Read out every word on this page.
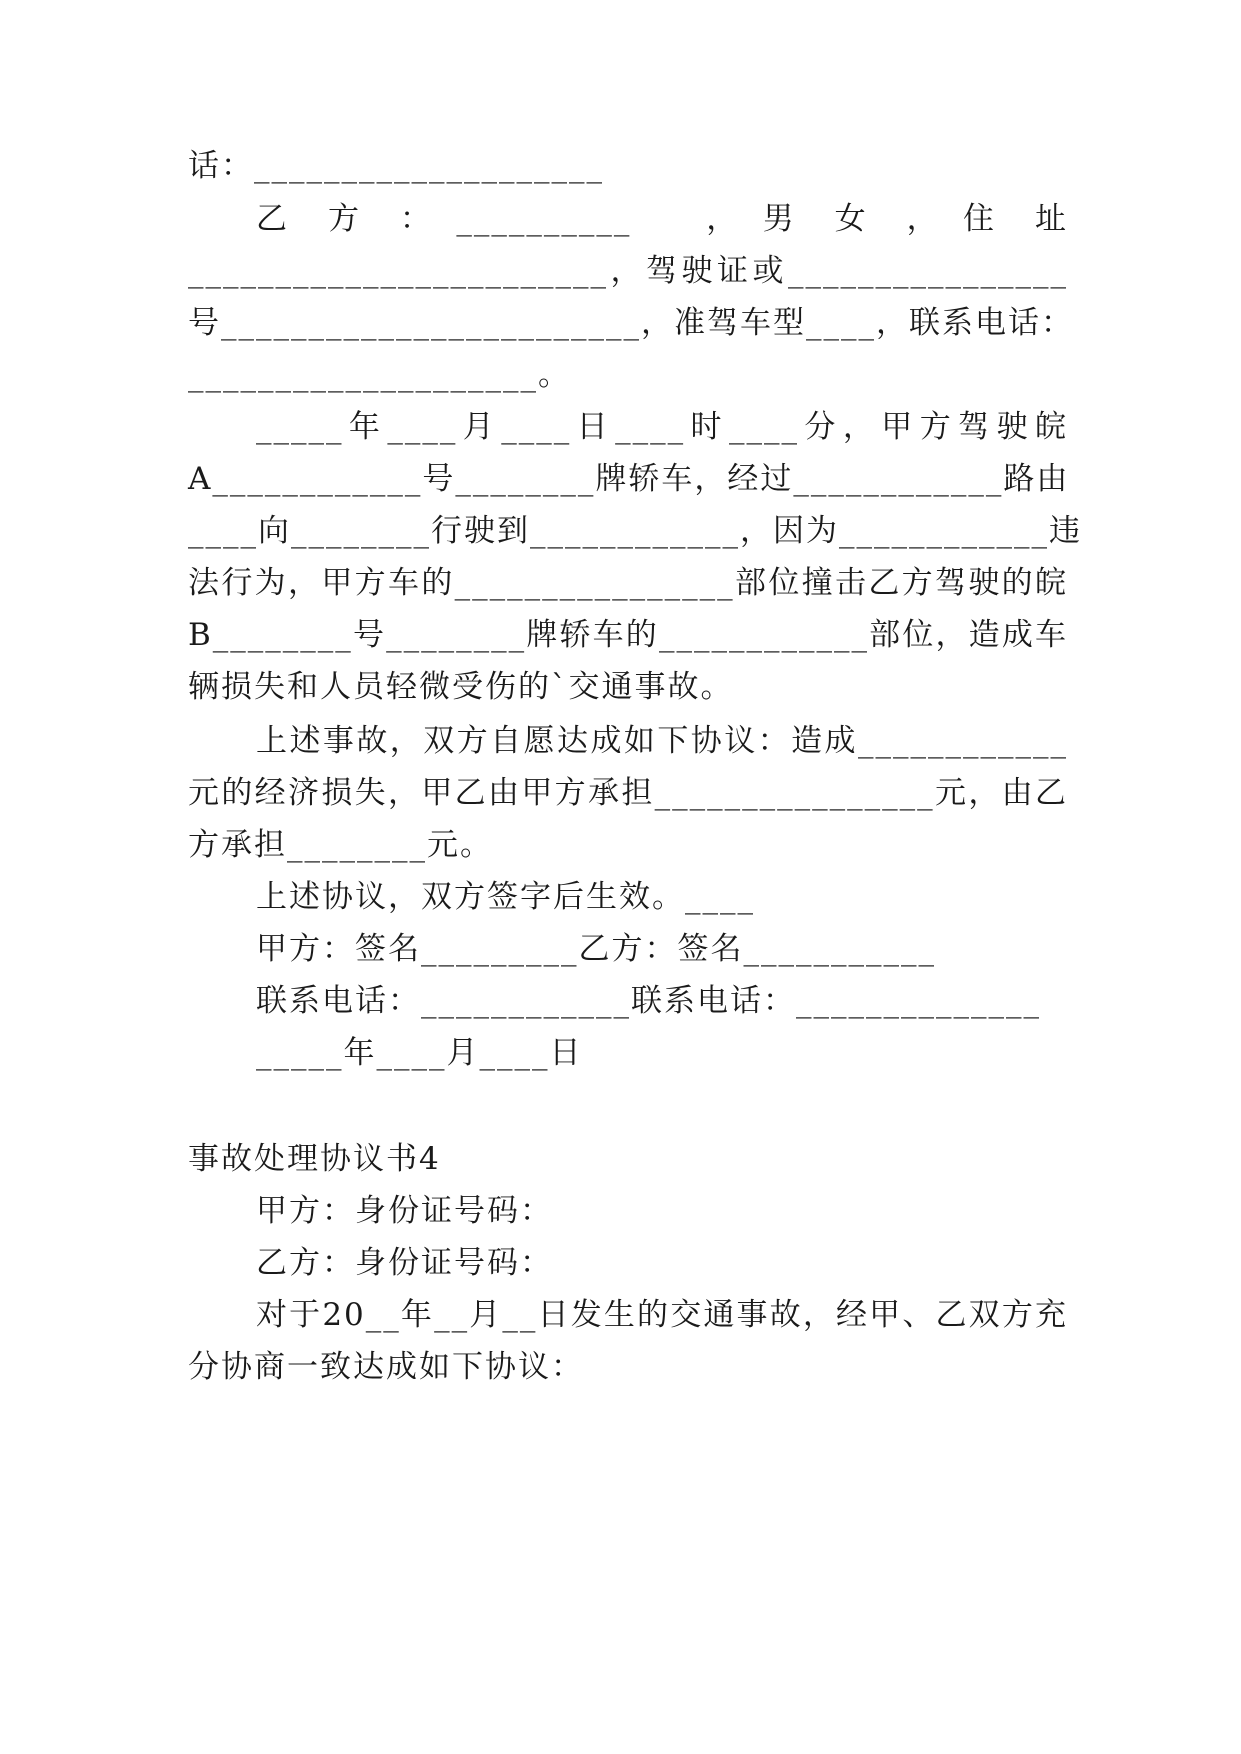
话：____________________
乙　方　：　__________　　，　男　女　，　住　址
________________________，驾驶证或________________
号________________________，准驾车型____，联系电话：
____________________。
_____年____月____日____时____分，甲方驾驶皖
A____________号________牌轿车，经过____________路由
____向________行驶到____________，因为____________违
法行为，甲方车的________________部位撞击乙方驾驶的皖
B________号________牌轿车的____________部位，造成车
辆损失和人员轻微受伤的`交通事故。
上述事故，双方自愿达成如下协议：造成____________
元的经济损失，甲乙由甲方承担________________元，由乙
方承担________元。
上述协议，双方签字后生效。____
甲方：签名_________乙方：签名___________
联系电话：____________联系电话：______________
_____年____月____日
事故处理协议书4
甲方：身份证号码：
乙方：身份证号码：
对于20__年__月__日发生的交通事故，经甲、乙双方充
分协商一致达成如下协议：
